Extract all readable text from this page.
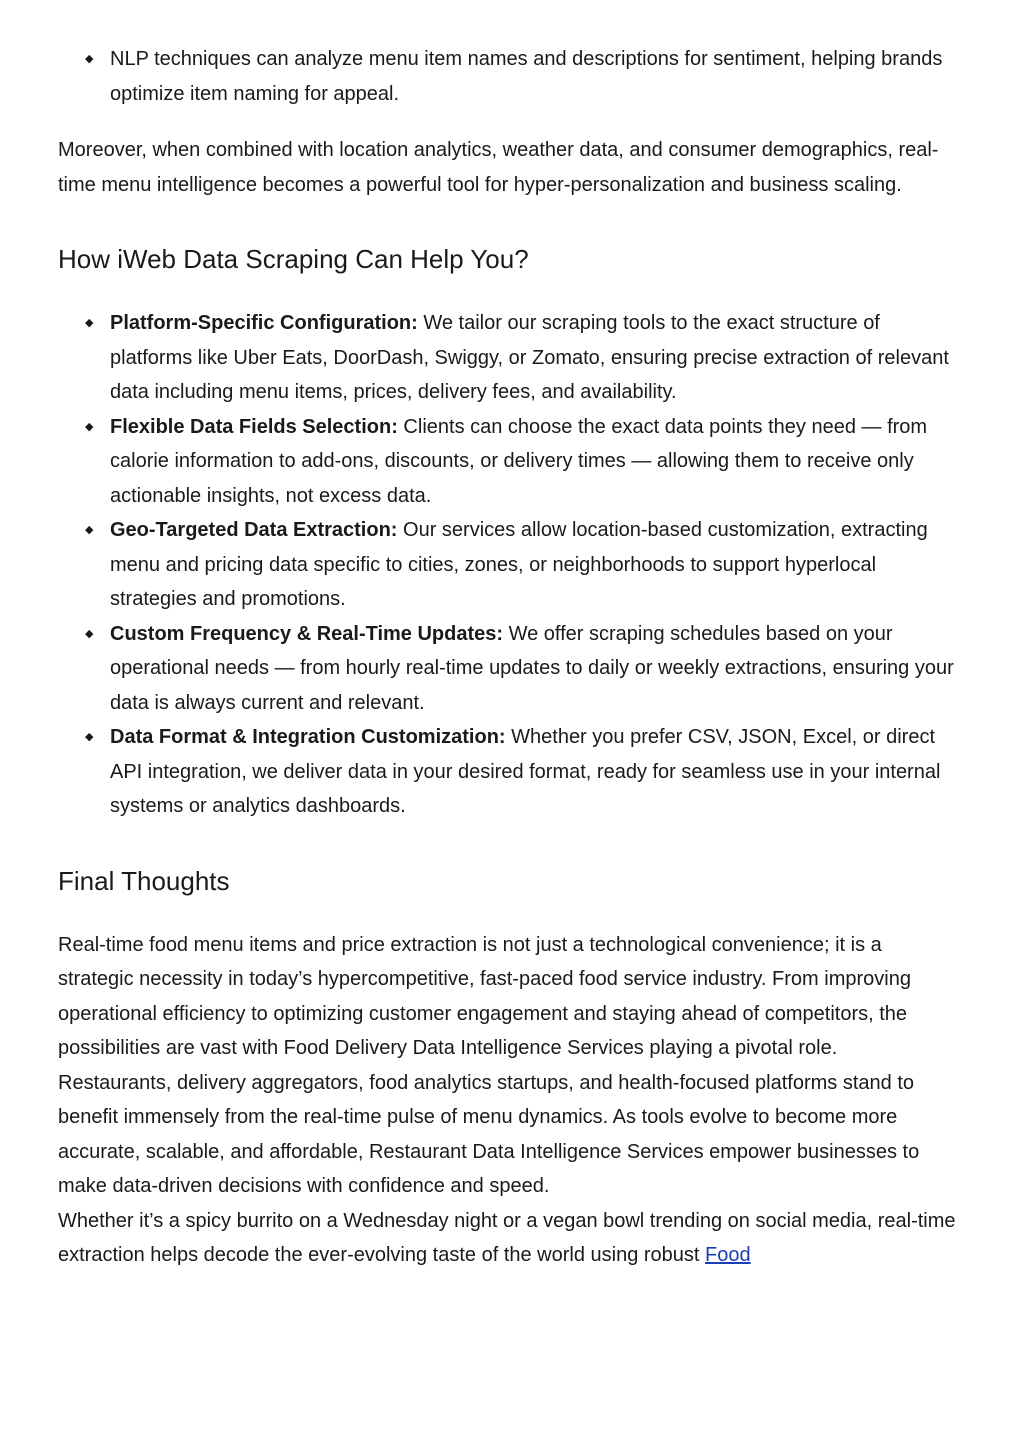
◆ NLP techniques can analyze menu item names and descriptions for sentiment, helping brands optimize item naming for appeal.

Moreover, when combined with location analytics, weather data, and consumer demographics, real-time menu intelligence becomes a powerful tool for hyper-personalization and business scaling.

How iWeb Data Scraping Can Help You?
◆ Platform-Specific Configuration: We tailor our scraping tools to the exact structure of platforms like Uber Eats, DoorDash, Swiggy, or Zomato, ensuring precise extraction of relevant data including menu items, prices, delivery fees, and availability.
◆ Flexible Data Fields Selection: Clients can choose the exact data points they need — from calorie information to add-ons, discounts, or delivery times — allowing them to receive only actionable insights, not excess data.
◆ Geo-Targeted Data Extraction: Our services allow location-based customization, extracting menu and pricing data specific to cities, zones, or neighborhoods to support hyperlocal strategies and promotions.
◆ Custom Frequency & Real-Time Updates: We offer scraping schedules based on your operational needs — from hourly real-time updates to daily or weekly extractions, ensuring your data is always current and relevant.
◆ Data Format & Integration Customization: Whether you prefer CSV, JSON, Excel, or direct API integration, we deliver data in your desired format, ready for seamless use in your internal systems or analytics dashboards.
Final Thoughts

Real-time food menu items and price extraction is not just a technological convenience; it is a strategic necessity in today’s hypercompetitive, fast-paced food service industry. From improving operational efficiency to optimizing customer engagement and staying ahead of competitors, the possibilities are vast with Food Delivery Data Intelligence Services playing a pivotal role.

Restaurants, delivery aggregators, food analytics startups, and health-focused platforms stand to benefit immensely from the real-time pulse of menu dynamics. As tools evolve to become more accurate, scalable, and affordable, Restaurant Data Intelligence Services empower businesses to make data-driven decisions with confidence and speed.

Whether it’s a spicy burrito on a Wednesday night or a vegan bowl trending on social media, real-time extraction helps decode the ever-evolving taste of the world using robust Food
